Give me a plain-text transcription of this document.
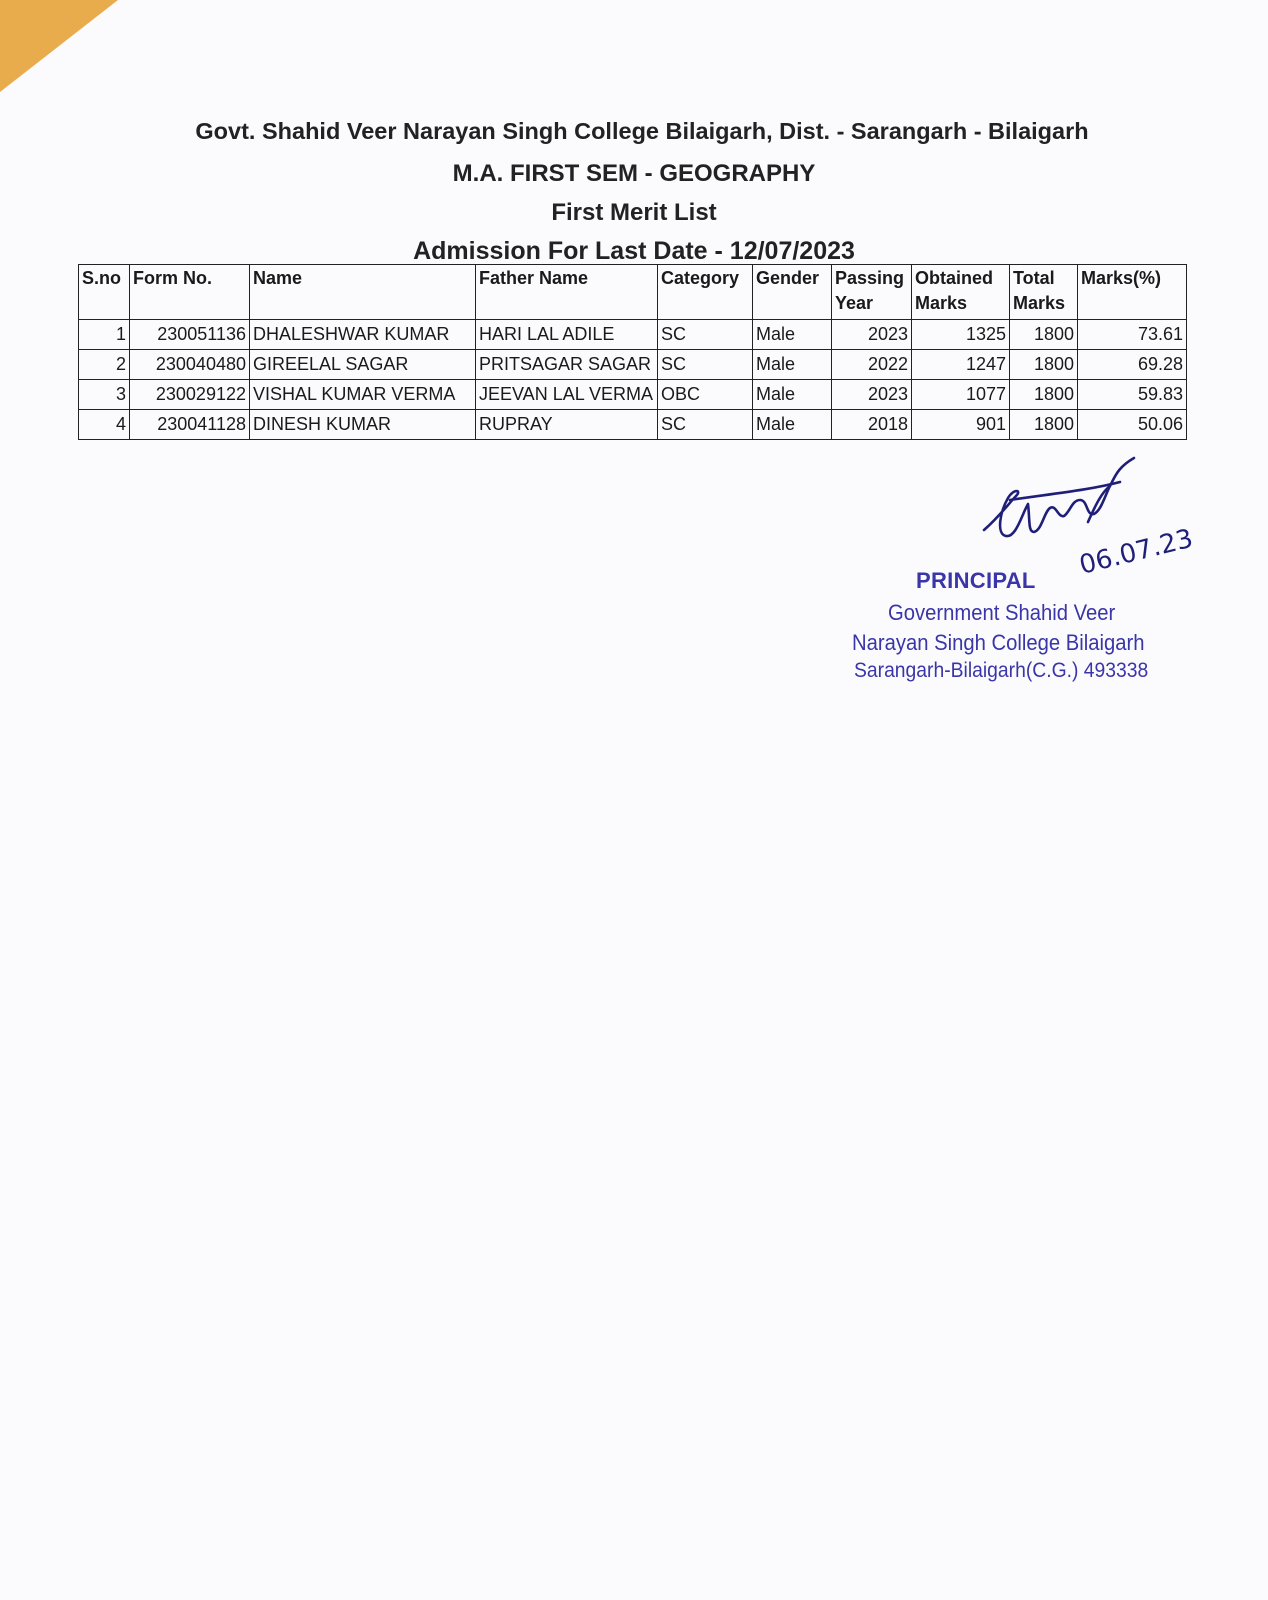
Govt. Shahid Veer Narayan Singh College Bilaigarh, Dist. - Sarangarh - Bilaigarh
M.A. FIRST SEM - GEOGRAPHY
First Merit List
Admission For Last Date - 12/07/2023
S.no	Form No.	Name	Father Name	Category	Gender	Passing Year	Obtained Marks	Total Marks	Marks(%)
1	230051136	DHALESHWAR KUMAR	HARI LAL ADILE	SC	Male	2023	1325	1800	73.61
2	230040480	GIREELAL SAGAR	PRITSAGAR SAGAR	SC	Male	2022	1247	1800	69.28
3	230029122	VISHAL KUMAR VERMA	JEEVAN LAL VERMA	OBC	Male	2023	1077	1800	59.83
4	230041128	DINESH KUMAR	RUPRAY	SC	Male	2018	901	1800	50.06
06.07.23
PRINCIPAL
Government Shahid Veer
Narayan Singh College Bilaigarh
Sarangarh-Bilaigarh(C.G.) 493338
